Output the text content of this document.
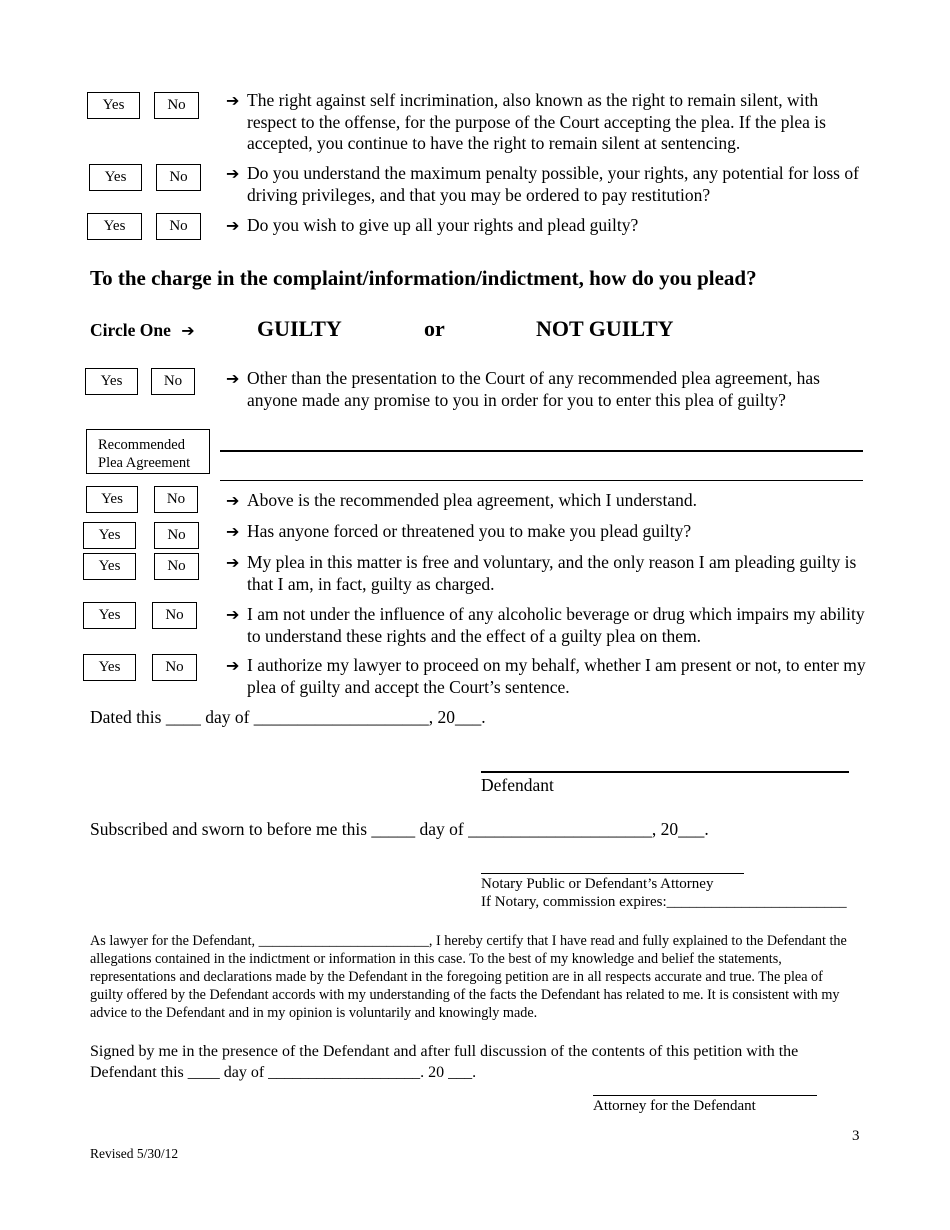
Yes	No	➔ The right against self incrimination, also known as the right to remain silent, with respect to the offense, for the purpose of the Court accepting the plea. If the plea is accepted, you continue to have the right to remain silent at sentencing.
Yes	No	➔ Do you understand the maximum penalty possible, your rights, any potential for loss of driving privileges, and that you may be ordered to pay restitution?
Yes	No	➔ Do you wish to give up all your rights and plead guilty?
To the charge in the complaint/information/indictment, how do you plead?
Circle One ➔	GUILTY	or	NOT GUILTY
Yes	No	➔ Other than the presentation to the Court of any recommended plea agreement, has anyone made any promise to you in order for you to enter this plea of guilty?
Recommended
Plea Agreement
Yes	No	➔ Above is the recommended plea agreement, which I understand.
Yes	No	➔ Has anyone forced or threatened you to make you plead guilty?
Yes	No	➔ My plea in this matter is free and voluntary, and the only reason I am pleading guilty is that I am, in fact, guilty as charged.
Yes	No	➔ I am not under the influence of any alcoholic beverage or drug which impairs my ability to understand these rights and the effect of a guilty plea on them.
Yes	No	➔ I authorize my lawyer to proceed on my behalf, whether I am present or not, to enter my plea of guilty and accept the Court’s sentence.
Dated this ____ day of ____________________, 20___.
Defendant
Subscribed and sworn to before me this _____ day of _____________________, 20___.
Notary Public or Defendant’s Attorney
If Notary, commission expires:________________________
As lawyer for the Defendant, ________________________, I hereby certify that I have read and fully explained to the Defendant the allegations contained in the indictment or information in this case. To the best of my knowledge and belief the statements, representations and declarations made by the Defendant in the foregoing petition are in all respects accurate and true. The plea of guilty offered by the Defendant accords with my understanding of the facts the Defendant has related to me. It is consistent with my advice to the Defendant and in my opinion is voluntarily and knowingly made.
Signed by me in the presence of the Defendant and after full discussion of the contents of this petition with the Defendant this ____ day of ___________________. 20 ___.
Attorney for the Defendant
3
Revised 5/30/12
